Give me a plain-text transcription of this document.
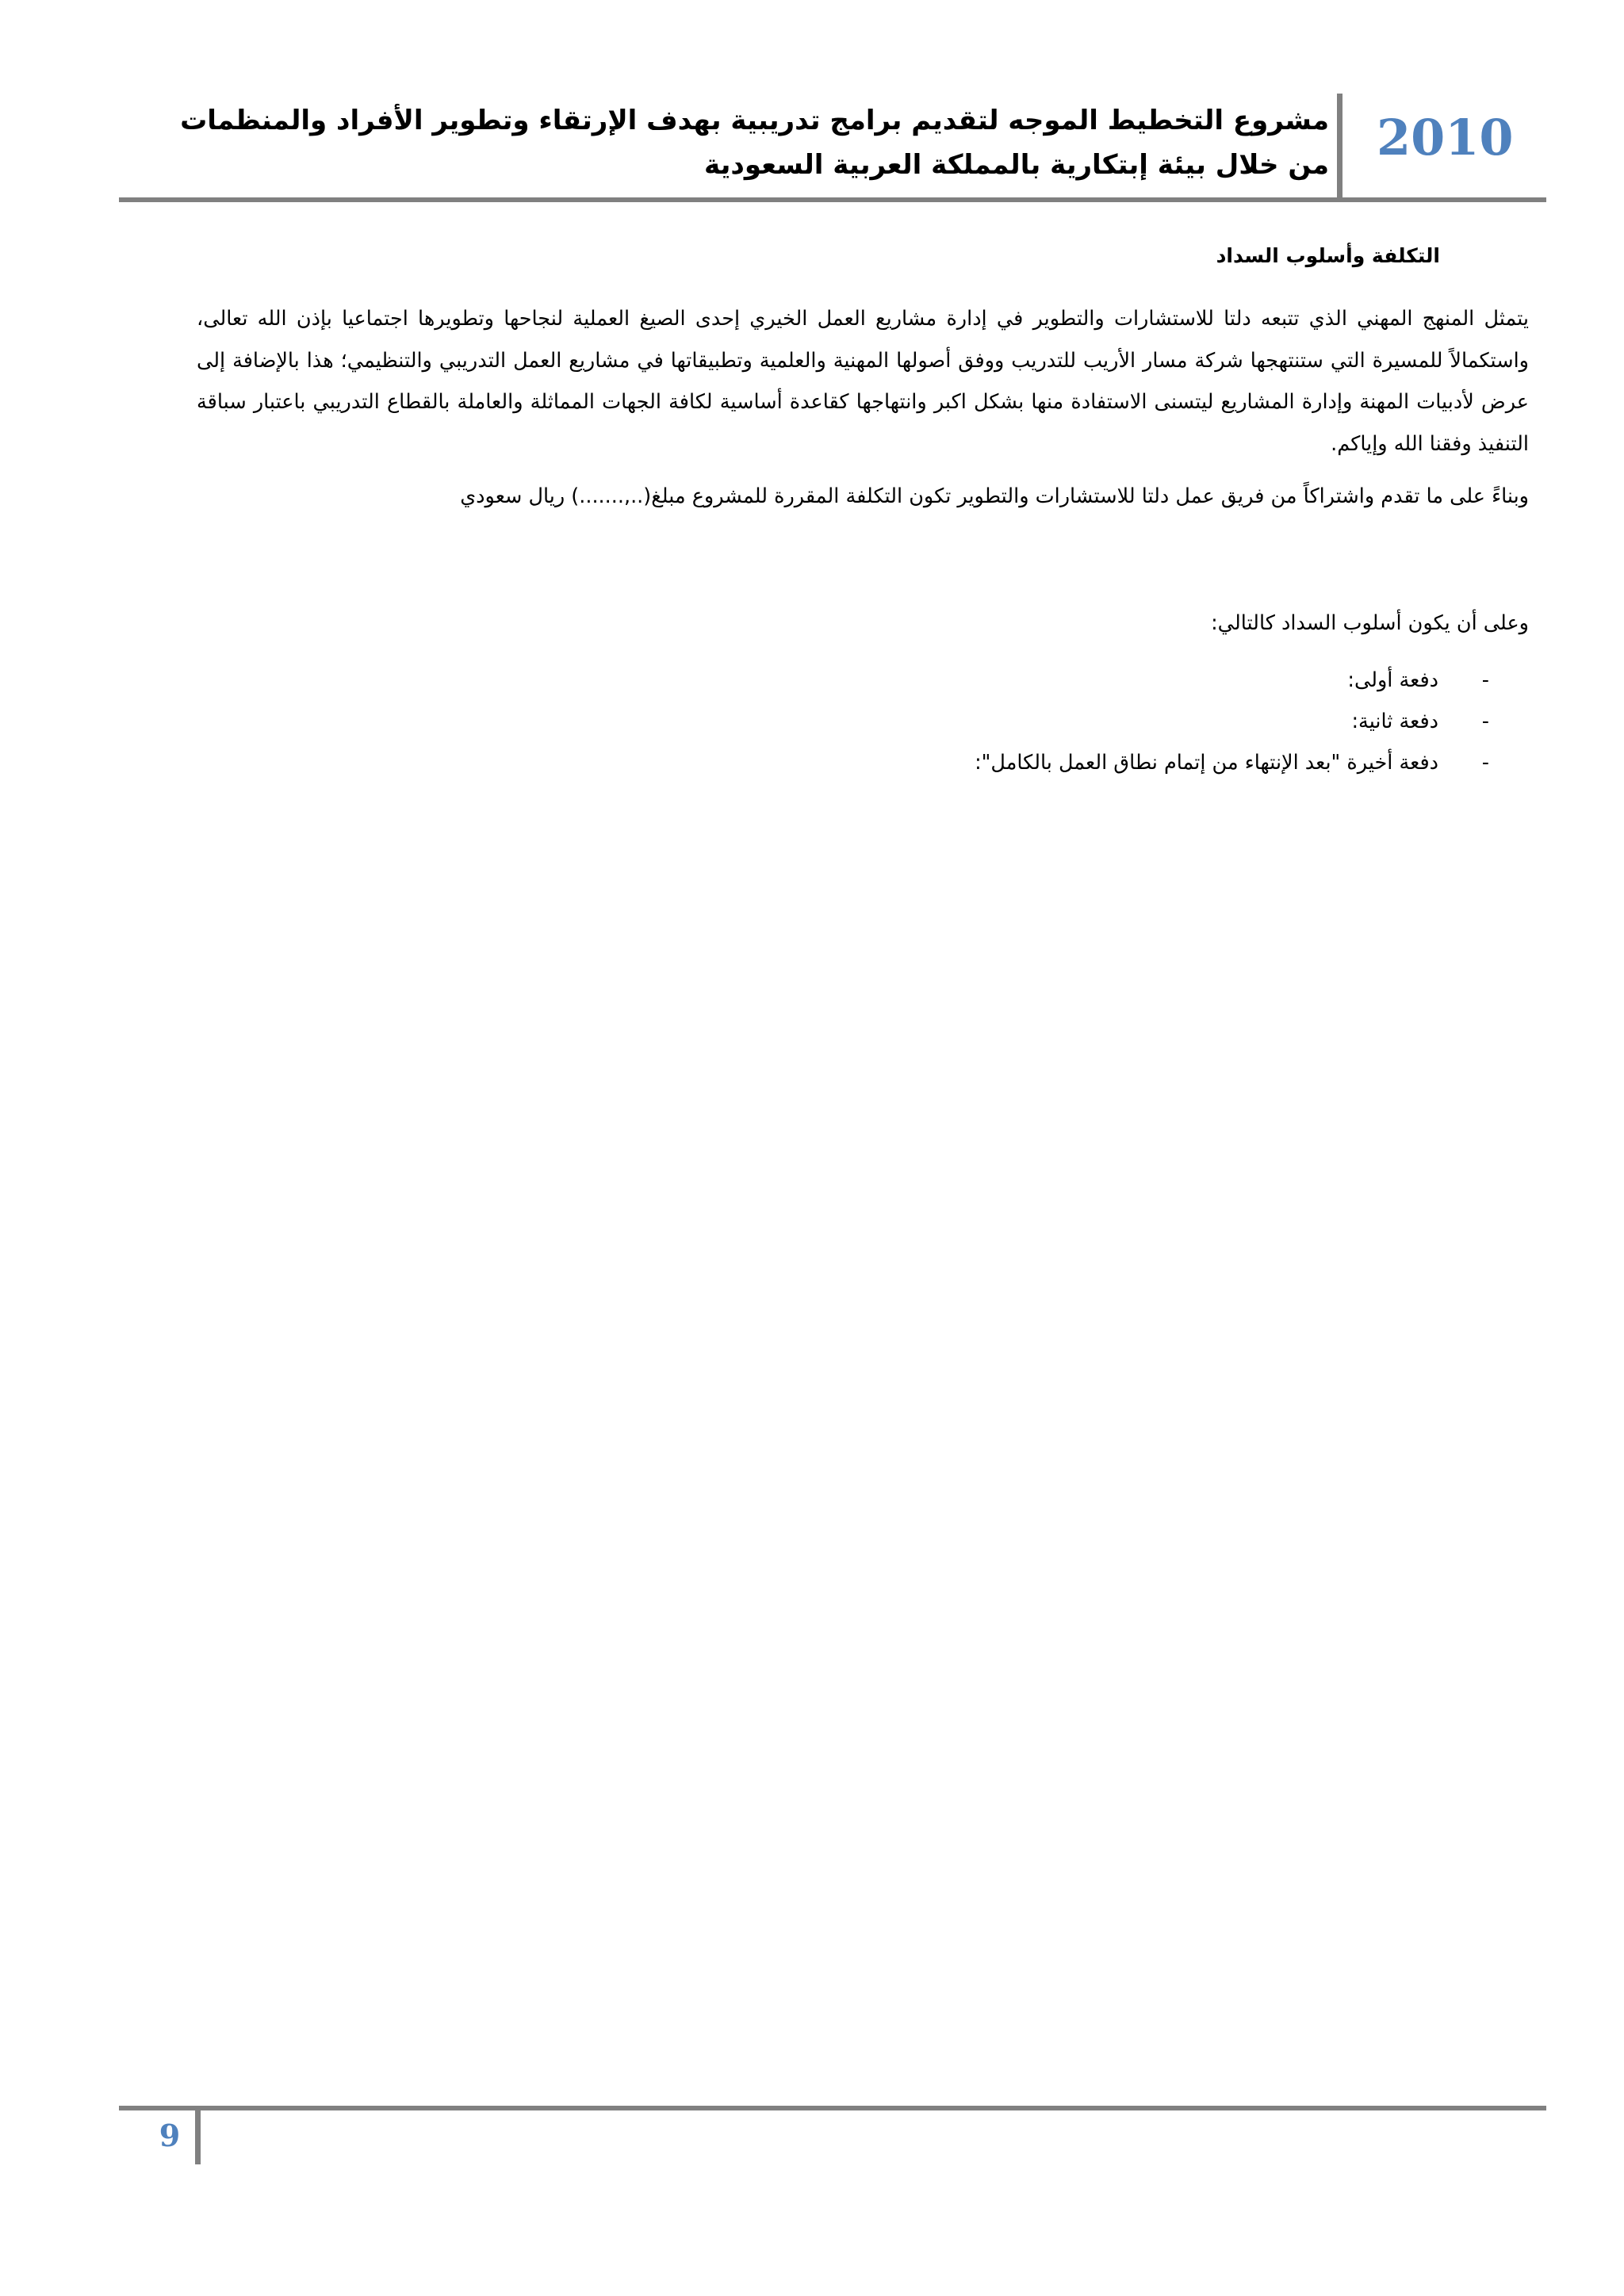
2010
مشروع التخطيط الموجه لتقديم برامج تدريبية بهدف الإرتقاء وتطوير الأفراد والمنظمات من خلال بيئة إبتكارية بالمملكة العربية السعودية
التكلفة وأسلوب السداد

يتمثل المنهج المهني الذي تتبعه دلتا للاستشارات والتطوير في إدارة مشاريع العمل الخيري إحدى الصيغ العملية لنجاحها وتطويرها اجتماعيا بإذن الله تعالى، واستكمالاً للمسيرة التي ستنتهجها شركة مسار الأريب للتدريب ووفق أصولها المهنية والعلمية وتطبيقاتها في مشاريع العمل التدريبي والتنظيمي؛ هذا بالإضافة إلى عرض لأدبيات المهنة وإدارة المشاريع ليتسنى الاستفادة منها بشكل اكبر وانتهاجها كقاعدة أساسية لكافة الجهات المماثلة والعاملة بالقطاع التدريبي باعتبار سباقة التنفيذ وفقنا الله وإياكم.

وبناءً على ما تقدم واشتراكاً من فريق عمل دلتا للاستشارات والتطوير تكون التكلفة المقررة للمشروع مبلغ(..,.......) ريال سعودي

وعلى أن يكون أسلوب السداد كالتالي:

-
دفعة أولى:
-
دفعة ثانية:
-
دفعة أخيرة "بعد الإنتهاء من إتمام نطاق العمل بالكامل":
9
